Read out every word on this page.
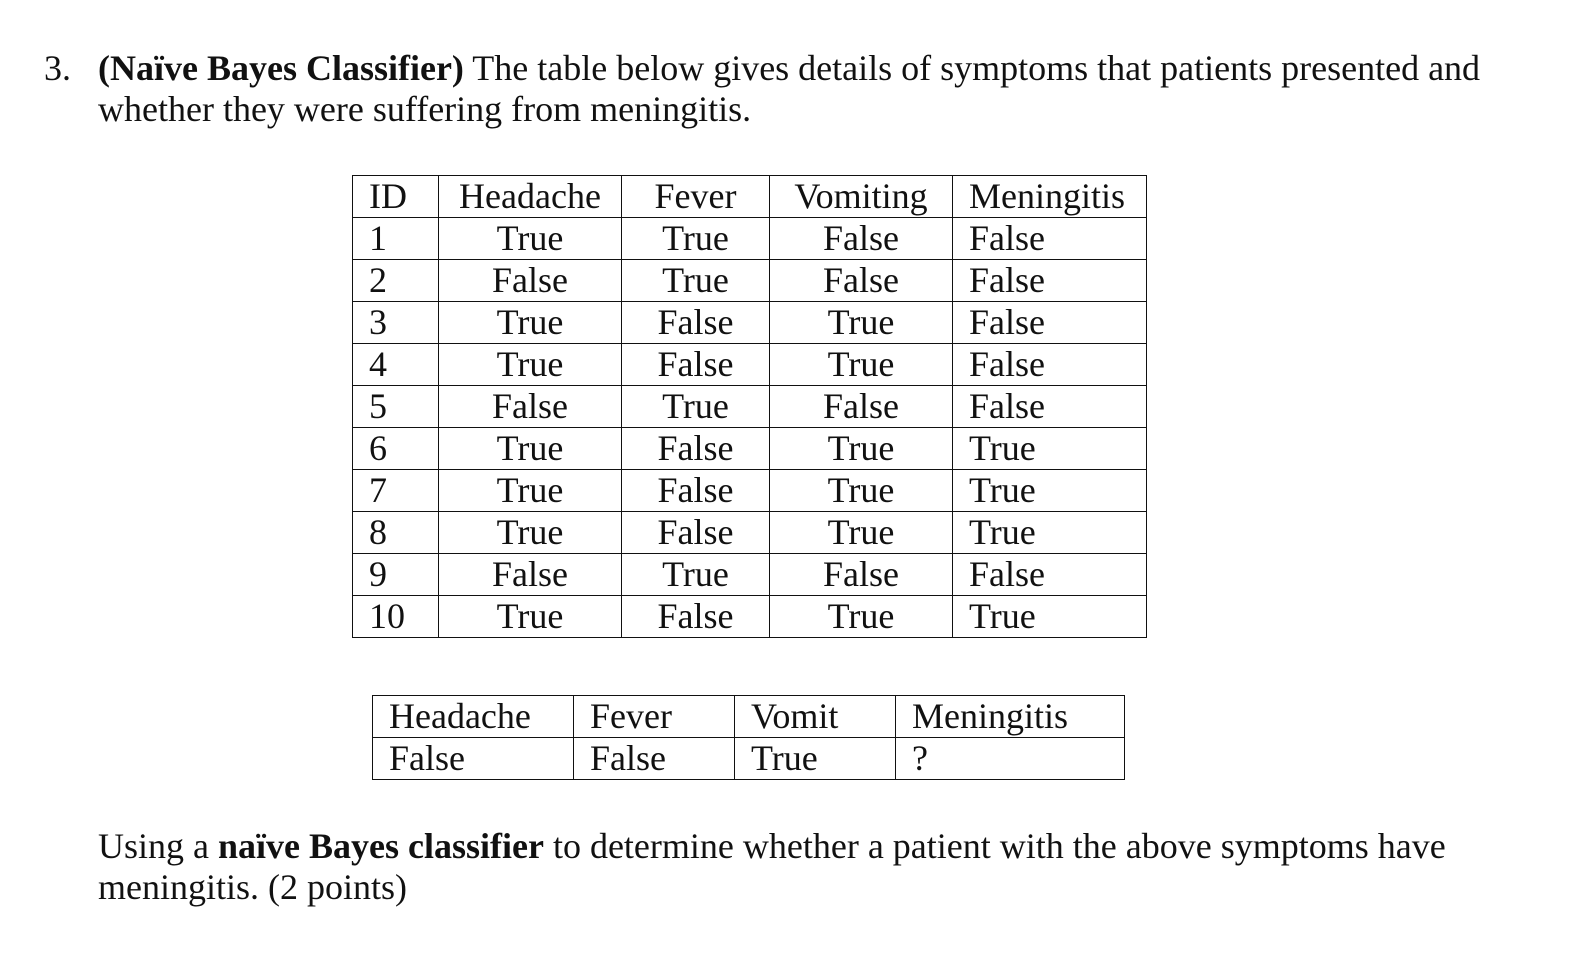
3. (Naïve Bayes Classifier) The table below gives details of symptoms that patients presented and whether they were suffering from meningitis.
ID	Headache	Fever	Vomiting	Meningitis
1	True	True	False	False
2	False	True	False	False
3	True	False	True	False
4	True	False	True	False
5	False	True	False	False
6	True	False	True	True
7	True	False	True	True
8	True	False	True	True
9	False	True	False	False
10	True	False	True	True
Headache	Fever	Vomit	Meningitis
False	False	True	?
Using a naïve Bayes classifier to determine whether a patient with the above symptoms have meningitis. (2 points)
